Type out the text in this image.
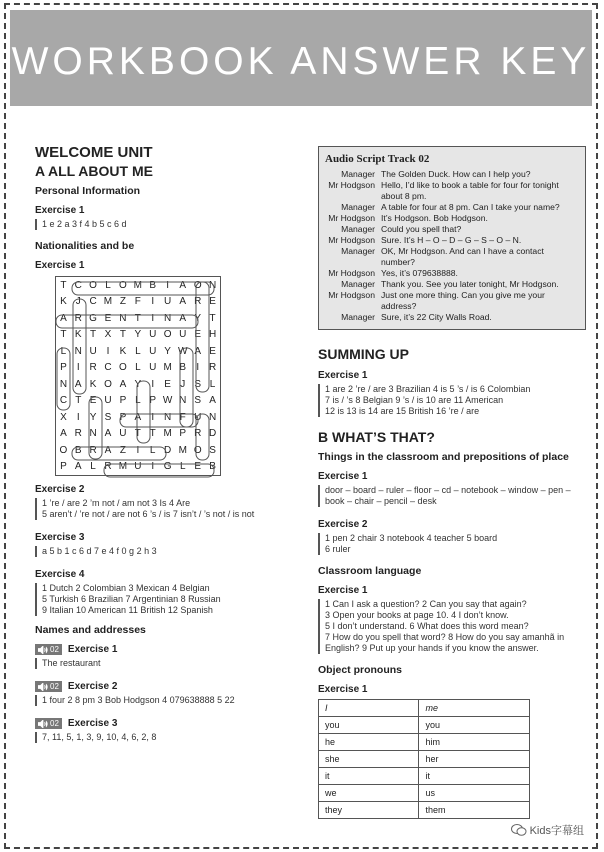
WORKBOOK ANSWER KEY
WELCOME UNIT
A ALL ABOUT ME
Personal Information
Exercise 1
1 e 2 a 3 f 4 b 5 c 6 d
Nationalities and be
Exercise 1
T	C	O	L	O	M	B	I	A	O	N
K	J	C	M	Z	F	I	U	A	R	E
A	R	G	E	N	T	I	N	A	Y	T
T	K	T	X	T	Y	U	O	U	E	H
L	N	U	I	K	L	U	Y	W	A	E
P	I	R	C	O	L	U	M	B	I	R
N	A	K	O	A	Y	I	E	J	S	L
C	T	E	U	P	L	P	W	N	S	A
X	I	Y	S	P	A	I	N	F	U	N
A	R	N	A	U	T	T	M	P	R	D
O	B	R	A	Z	I	L	D	M	O	S
P	A	L	R	M	U	I	G	L	E	B
Exercise 2
1 ’re / are 2 ’m not / am not 3 Is 4 Are
5 aren’t / ’re not / are not 6 ’s / is 7 isn’t / ’s not / is not
Exercise 3
a 5 b 1 c 6 d 7 e 4 f 0 g 2 h 3
Exercise 4
1 Dutch 2 Colombian 3 Mexican 4 Belgian
5 Turkish 6 Brazilian 7 Argentinian 8 Russian
9 Italian 10 American 11 British 12 Spanish
Names and addresses
02 Exercise 1
The restaurant
02 Exercise 2
1 four 2 8 pm 3 Bob Hodgson 4 079638888 5 22
02 Exercise 3
7, 11, 5, 1, 3, 9, 10, 4, 6, 2, 8
Audio Script Track 02
Manager The Golden Duck. How can I help you?
Mr Hodgson Hello, I’d like to book a table for four for tonight about 8 pm.
Manager A table for four at 8 pm. Can I take your name?
Mr Hodgson It’s Hodgson. Bob Hodgson.
Manager Could you spell that?
Mr Hodgson Sure. It’s H – O – D – G – S – O – N.
Manager OK, Mr Hodgson. And can I have a contact number?
Mr Hodgson Yes, it’s 079638888.
Manager Thank you. See you later tonight, Mr Hodgson.
Mr Hodgson Just one more thing. Can you give me your address?
Manager Sure, it’s 22 City Walls Road.
SUMMING UP
Exercise 1
1 are 2 ’re / are 3 Brazilian 4 is 5 ’s / is 6 Colombian
7 is / ’s 8 Belgian 9 ’s / is 10 are 11 American
12 is 13 is 14 are 15 British 16 ’re / are
B WHAT’S THAT?
Things in the classroom and prepositions of place
Exercise 1
door – board – ruler – floor – cd – notebook – window – pen –
book – chair – pencil – desk
Exercise 2
1 pen 2 chair 3 notebook 4 teacher 5 board
6 ruler
Classroom language
Exercise 1
1 Can I ask a question? 2 Can you say that again?
3 Open your books at page 10. 4 I don’t know.
5 I don’t understand. 6 What does this word mean?
7 How do you spell that word? 8 How do you say amanhã in
English? 9 Put up your hands if you know the answer.
Object pronouns
Exercise 1
I	me
you	you
he	him
she	her
it	it
we	us
they	them
Kids字幕组
